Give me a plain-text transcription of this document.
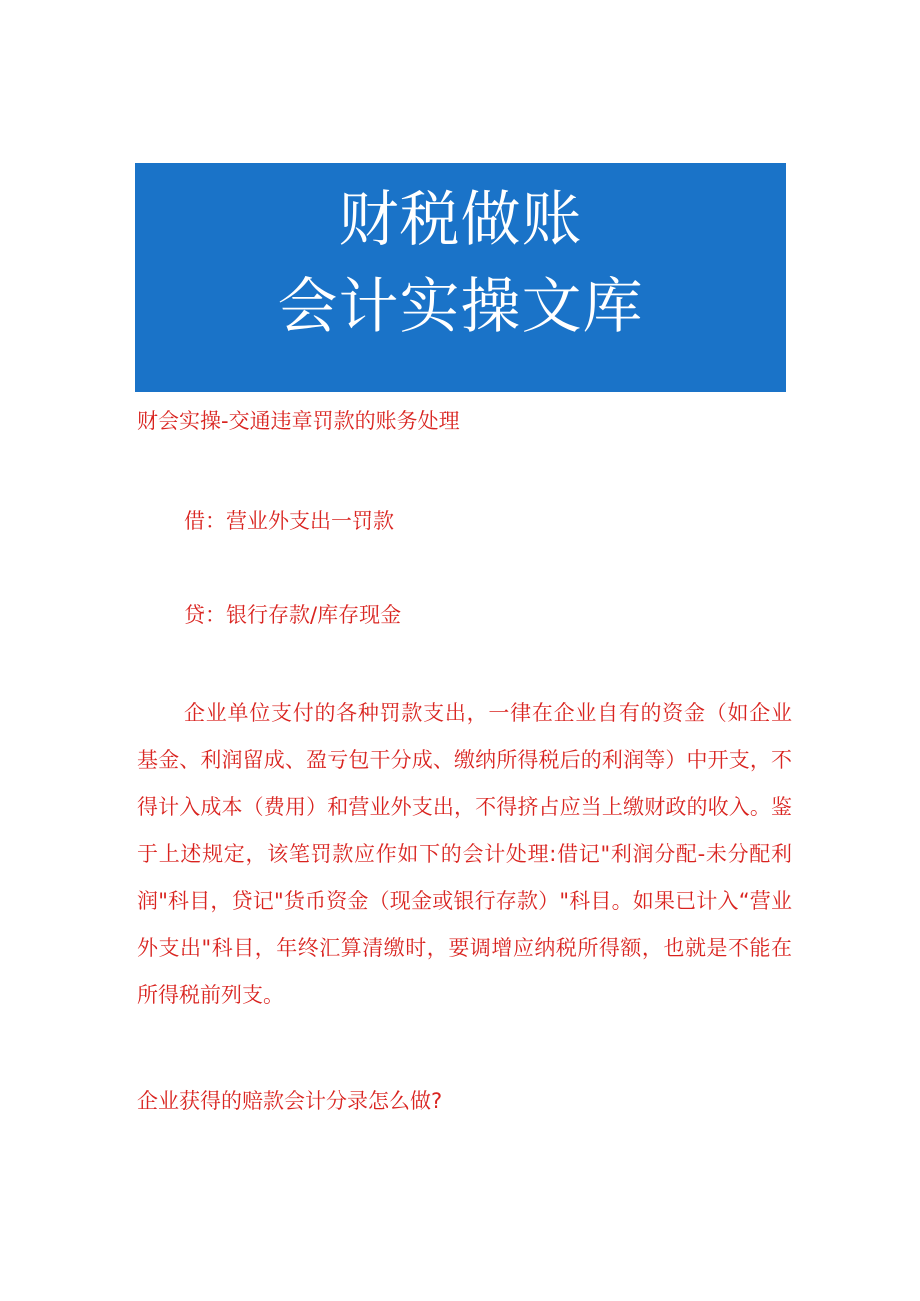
财税做账
会计实操文库
财会实操-交通违章罚款的账务处理
借：营业外支出一罚款
贷：银行存款/库存现金
企业单位支付的各种罚款支出，一律在企业自有的资金（如企业基金、利润留成、盈亏包干分成、缴纳所得税后的利润等）中开支，不得计入成本（费用）和营业外支出，不得挤占应当上缴财政的收入。鉴于上述规定，该笔罚款应作如下的会计处理:借记"利润分配-未分配利润"科目，贷记"货币资金（现金或银行存款）"科目。如果已计入“营业外支出"科目，年终汇算清缴时，要调增应纳税所得额，也就是不能在所得税前列支。
企业获得的赔款会计分录怎么做?
